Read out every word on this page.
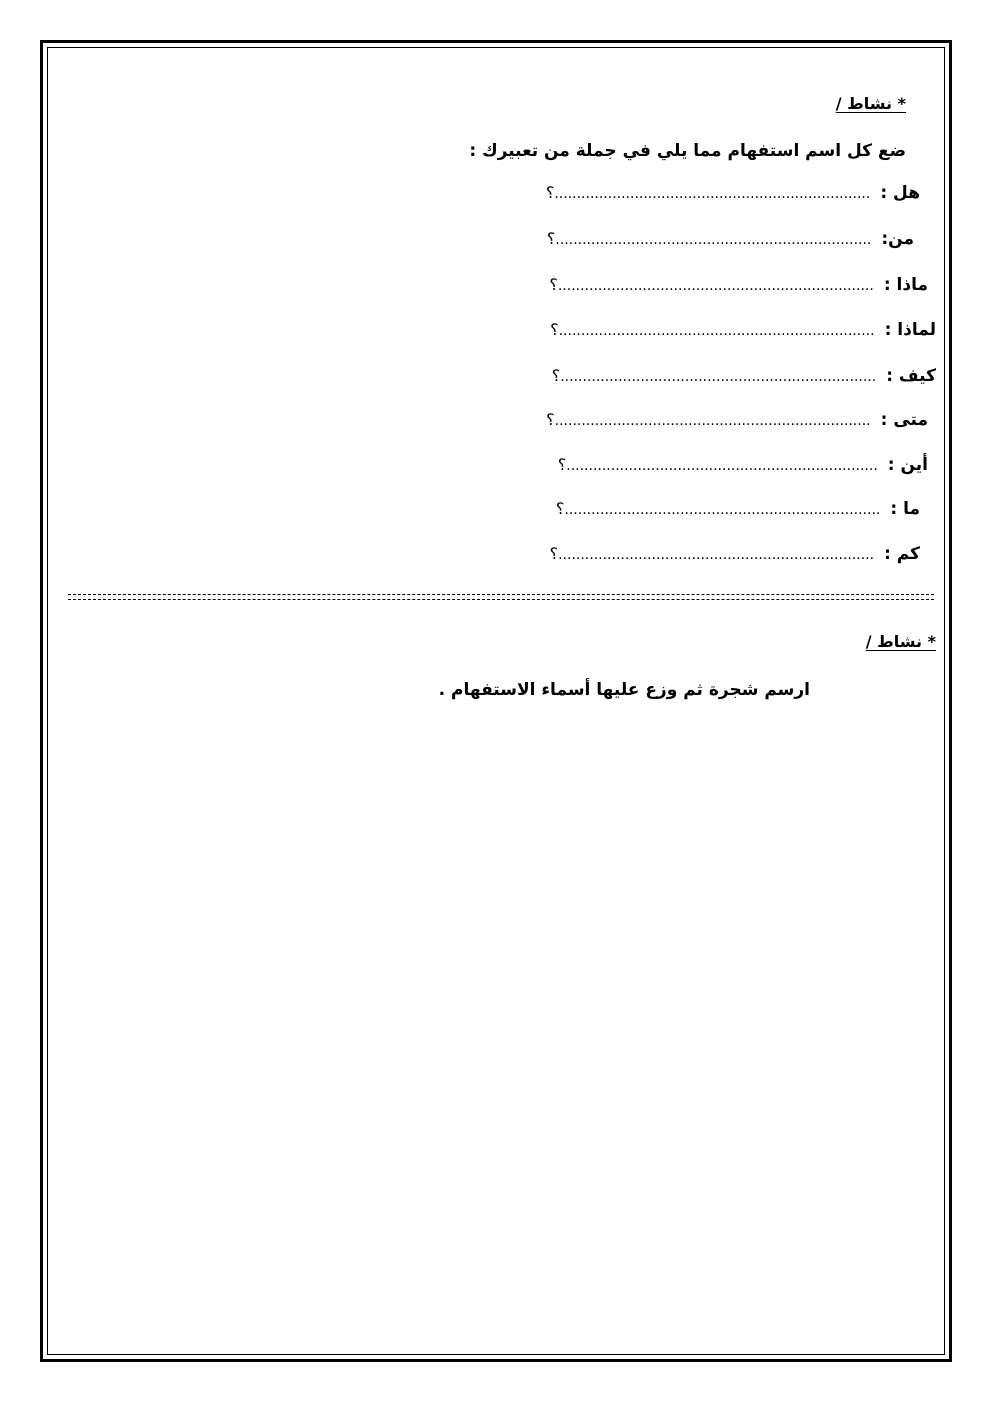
* نشاط /
ضع كل اسم استفهام مما يلي في جملة من تعبيرك :
هل :
.......................................................................
؟
من:
.......................................................................
؟
ماذا :
.......................................................................
؟
لماذا :
.......................................................................
؟
كيف :
.......................................................................
؟
متى :
.......................................................................
؟
أين :
......................................................................
؟
ما :
.......................................................................
؟
كم :
.......................................................................
؟
* نشاط /
ارسم شجرة ثم وزع عليها أسماء الاستفهام .
